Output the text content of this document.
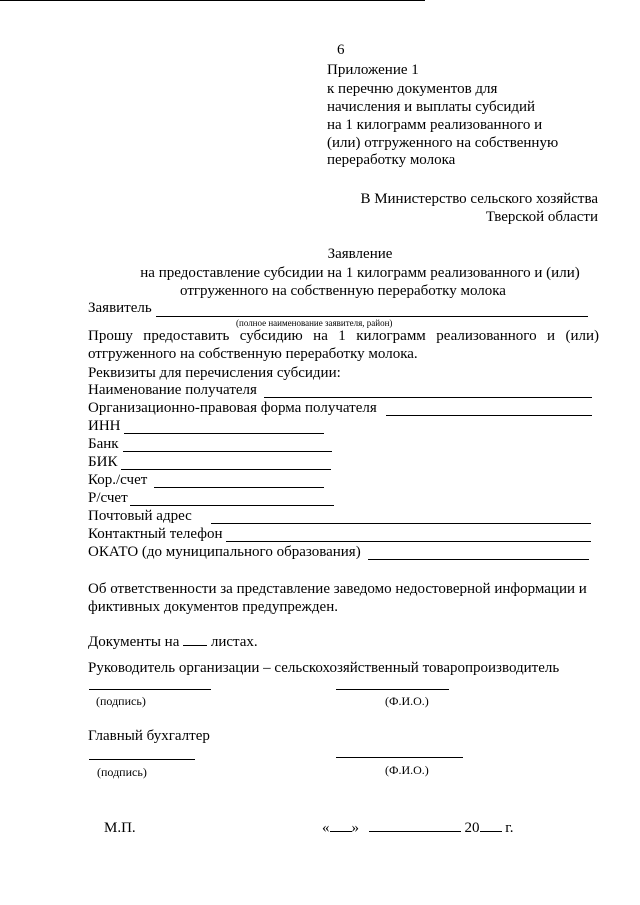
6
Приложение 1
к перечню документов для
начисления и выплаты субсидий
на 1 килограмм реализованного и
(или) отгруженного на собственную
переработку молока
В Министерство сельского хозяйства
Тверской области
Заявление
на предоставление субсидии на 1 килограмм реализованного и (или)
отгруженного на собственную переработку молока
Заявитель
(полное наименование заявителя, район)
Прошу предоставить субсидию на 1 килограмм реализованного и (или)
отгруженного на собственную переработку молока.
Реквизиты для перечисления субсидии:
Наименование получателя
Организационно-правовая форма получателя
ИНН
Банк
БИК
Кор./счет
Р/счет
Почтовый адрес
Контактный телефон
ОКАТО (до муниципального образования)
Об ответственности за представление заведомо недостоверной информации и
фиктивных документов предупрежден.
Документы на листах.
Руководитель организации – сельскохозяйственный товаропроизводитель
(подпись)	(Ф.И.О.)
Главный бухгалтер
(подпись)	(Ф.И.О.)
М.П.	« »	20 г.
